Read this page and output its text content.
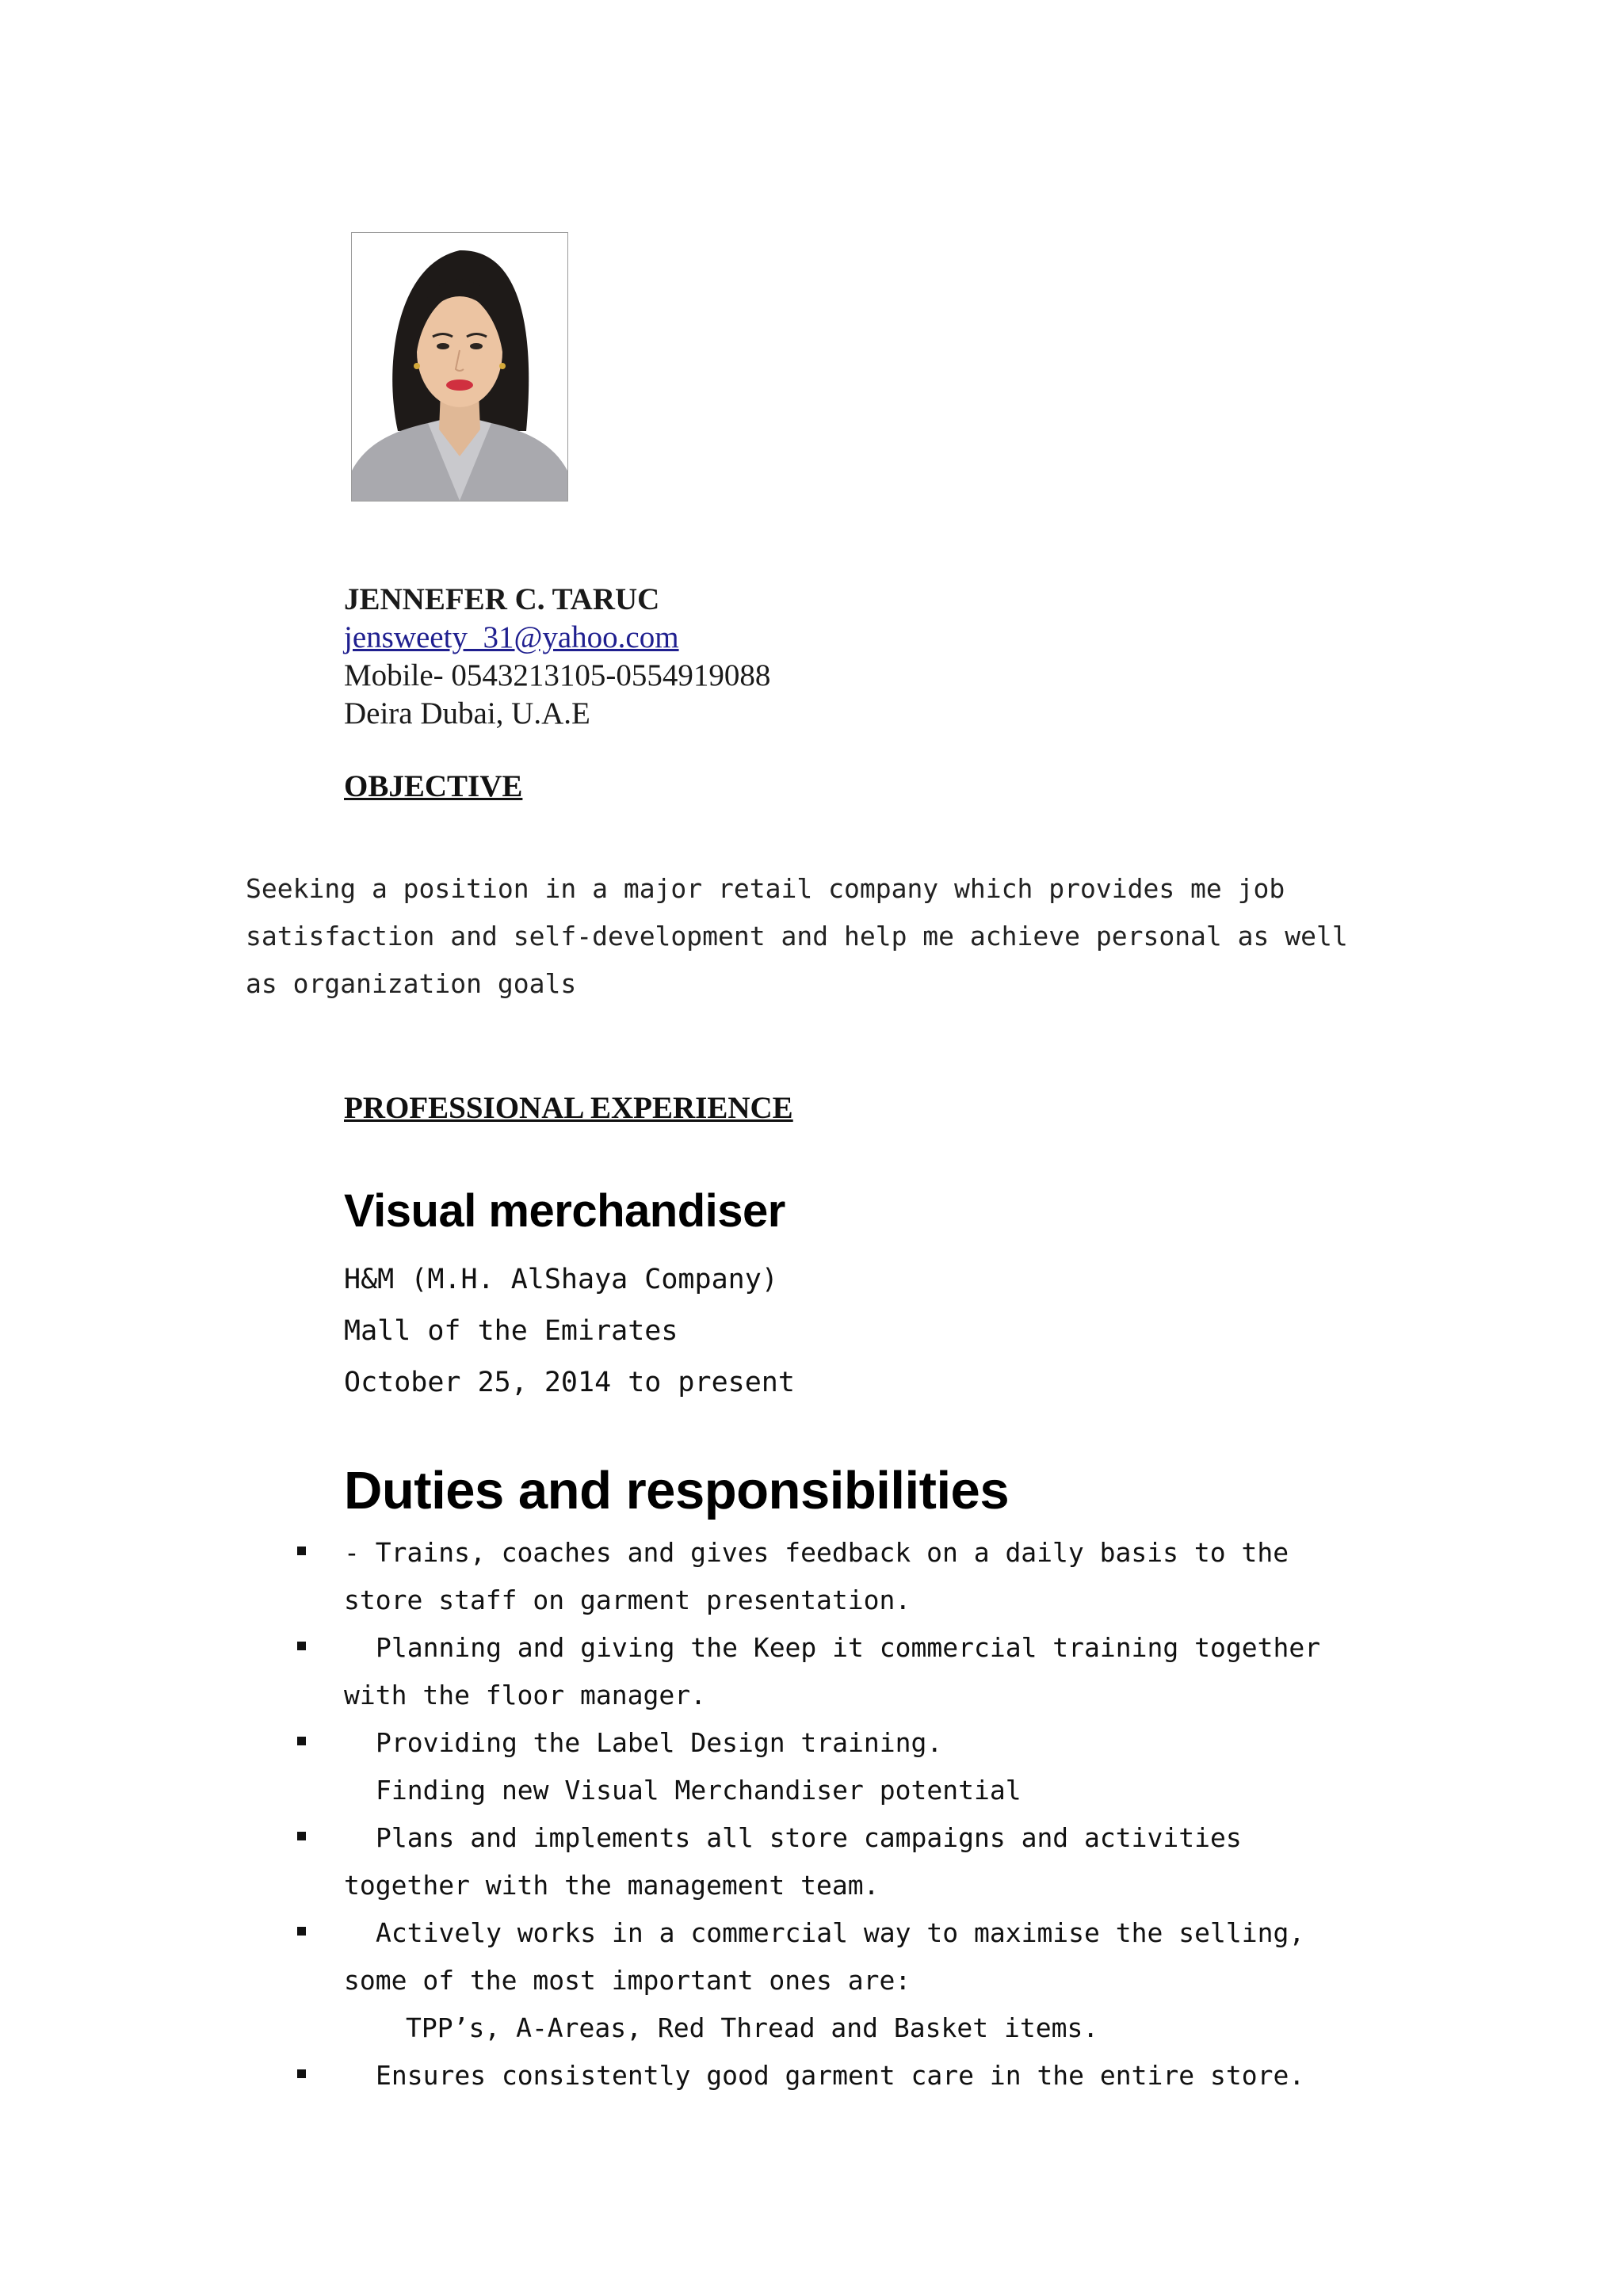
JENNEFER C. TARUC
jensweety_31@yahoo.com
Mobile- 0543213105-0554919088
Deira Dubai, U.A.E
OBJECTIVE

Seeking a position in a major retail company which provides me job satisfaction and self-development and help me achieve personal as well as organization goals

PROFESSIONAL EXPERIENCE
Visual merchandiser
H&M (M.H. AlShaya Company)
Mall of the Emirates
October 25, 2014 to present
Duties and responsibilities
- Trains, coaches and gives feedback on a daily basis to the
store staff on garment presentation.
Planning and giving the Keep it commercial training together
with the floor manager.
Providing the Label Design training.
Finding new Visual Merchandiser potential
Plans and implements all store campaigns and activities
together with the management team.
Actively works in a commercial way to maximise the selling,
some of the most important ones are:
TPP’s, A-Areas, Red Thread and Basket items.
Ensures consistently good garment care in the entire store.
